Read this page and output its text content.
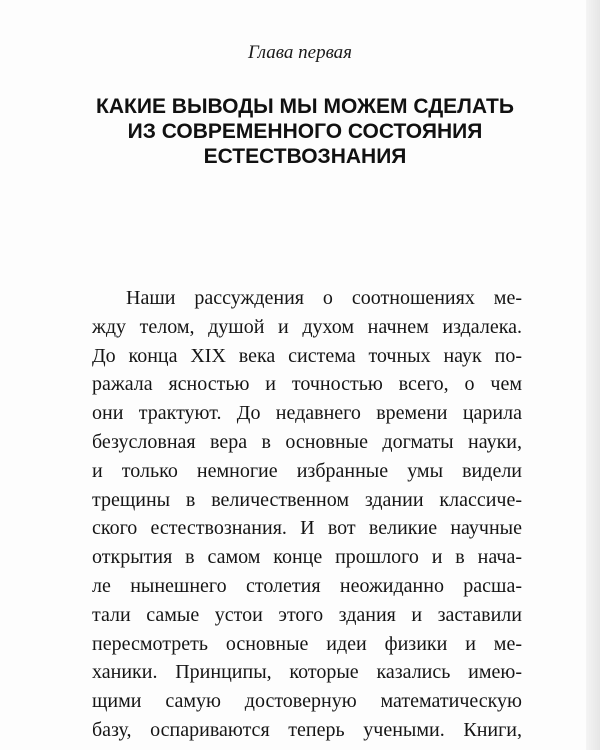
Глава первая
КАКИЕ ВЫВОДЫ МЫ МОЖЕМ СДЕЛАТЬ
ИЗ СОВРЕМЕННОГО СОСТОЯНИЯ
ЕСТЕСТВОЗНАНИЯ
Наши рассуждения о соотношениях ме-
жду телом, душой и духом начнем издалека.
До конца XIX века система точных наук по-
ражала ясностью и точностью всего, о чем
они трактуют. До недавнего времени царила
безусловная вера в основные догматы науки,
и только немногие избранные умы видели
трещины в величественном здании классиче-
ского естествознания. И вот великие научные
открытия в самом конце прошлого и в нача-
ле нынешнего столетия неожиданно расша-
тали самые устои этого здания и заставили
пересмотреть основные идеи физики и ме-
ханики. Принципы, которые казались имею-
щими самую достоверную математическую
базу, оспариваются теперь учеными. Книги,
